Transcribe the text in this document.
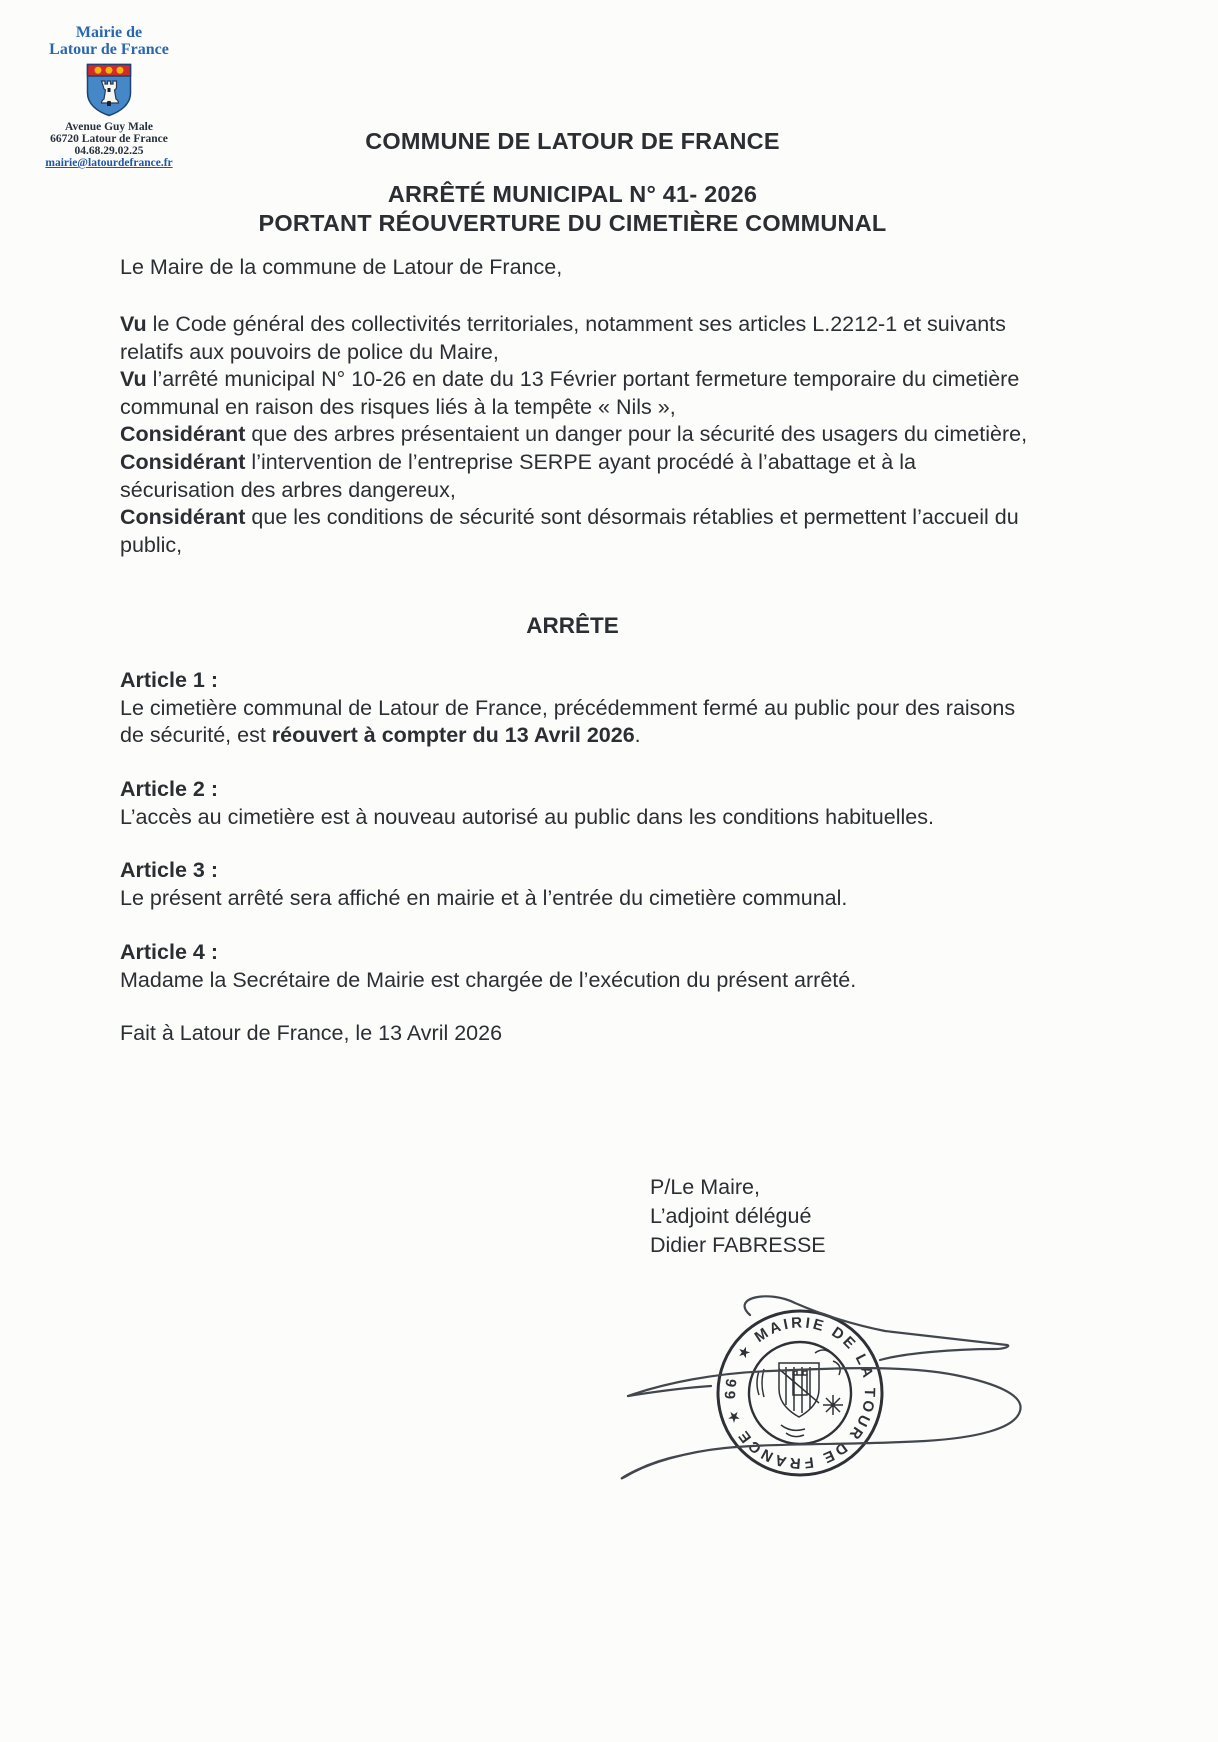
Mairie de
Latour de France
Avenue Guy Male
66720 Latour de France
04.68.29.02.25
mairie@latourdefrance.fr
COMMUNE DE LATOUR DE FRANCE
ARRÊTÉ MUNICIPAL N° 41- 2026
PORTANT RÉOUVERTURE DU CIMETIÈRE COMMUNAL

Le Maire de la commune de Latour de France,

Vu le Code général des collectivités territoriales, notamment ses articles L.2212-1 et suivants relatifs aux pouvoirs de police du Maire,

Vu l’arrêté municipal N° 10-26 en date du 13 Février portant fermeture temporaire du cimetière communal en raison des risques liés à la tempête « Nils »,

Considérant que des arbres présentaient un danger pour la sécurité des usagers du cimetière,

Considérant l’intervention de l’entreprise SERPE ayant procédé à l’abattage et à la sécurisation des arbres dangereux,

Considérant que les conditions de sécurité sont désormais rétablies et permettent l’accueil du public,

ARRÊTE

Article 1 :

Le cimetière communal de Latour de France, précédemment fermé au public pour des raisons de sécurité, est réouvert à compter du 13 Avril 2026.

Article 2 :

L’accès au cimetière est à nouveau autorisé au public dans les conditions habituelles.

Article 3 :

Le présent arrêté sera affiché en mairie et à l’entrée du cimetière communal.

Article 4 :

Madame la Secrétaire de Mairie est chargée de l’exécution du présent arrêté.

Fait à Latour de France, le 13 Avril 2026
P/Le Maire,
L’adjoint délégué
Didier FABRESSE
★ MAIRIE DE LA TOUR DE FRANCE ★ 66
